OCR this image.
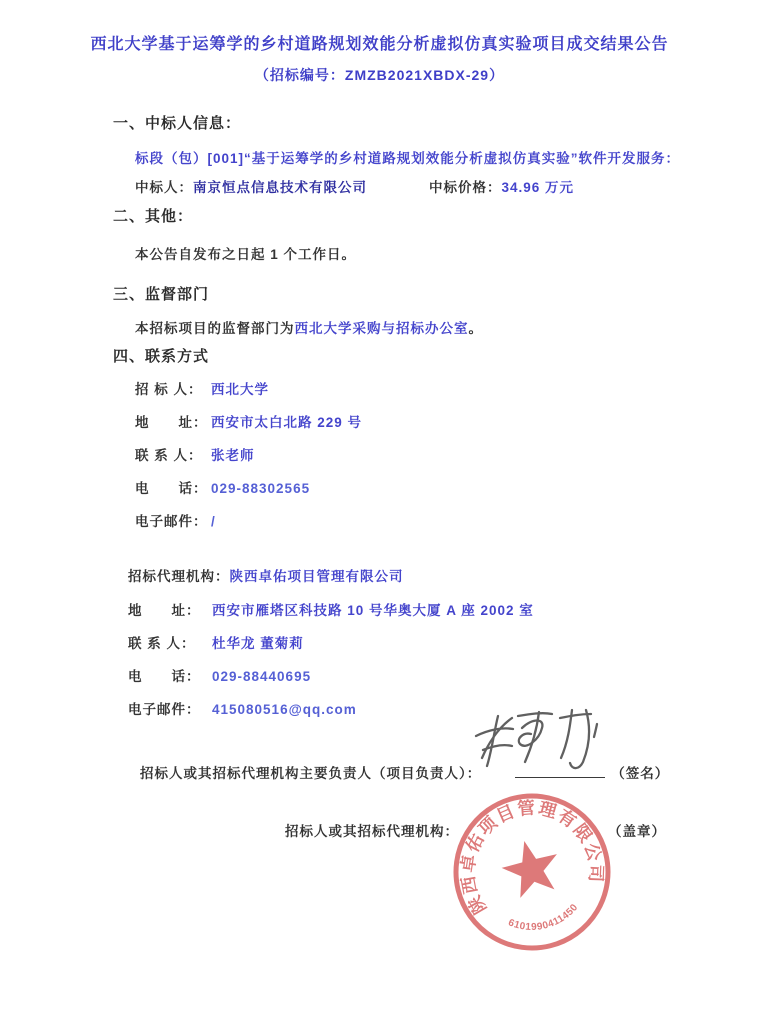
西北大学基于运筹学的乡村道路规划效能分析虚拟仿真实验项目成交结果公告
（招标编号：ZMZB2021XBDX-29）
一、中标人信息：
标段（包）[001]“基于运筹学的乡村道路规划效能分析虚拟仿真实验”软件开发服务：
中标人：南京恒点信息技术有限公司	中标价格：34.96 万元
二、其他：
本公告自发布之日起 1 个工作日。
三、监督部门
本招标项目的监督部门为西北大学采购与招标办公室。
四、联系方式
招 标 人： 西北大学
地　　址： 西安市太白北路 229 号
联 系 人： 张老师
电　　话： 029-88302565
电子邮件： /
招标代理机构：陕西卓佑项目管理有限公司
地　　址： 西安市雁塔区科技路 10 号华奥大厦 A 座 2002 室
联 系 人： 杜华龙 董菊莉
电　　话： 029-88440695
电子邮件： 415080516@qq.com
招标人或其招标代理机构主要负责人（项目负责人）：	（签名）
招标人或其招标代理机构：	（盖章）
陕西卓佑项目管理有限公司
6101990411450
